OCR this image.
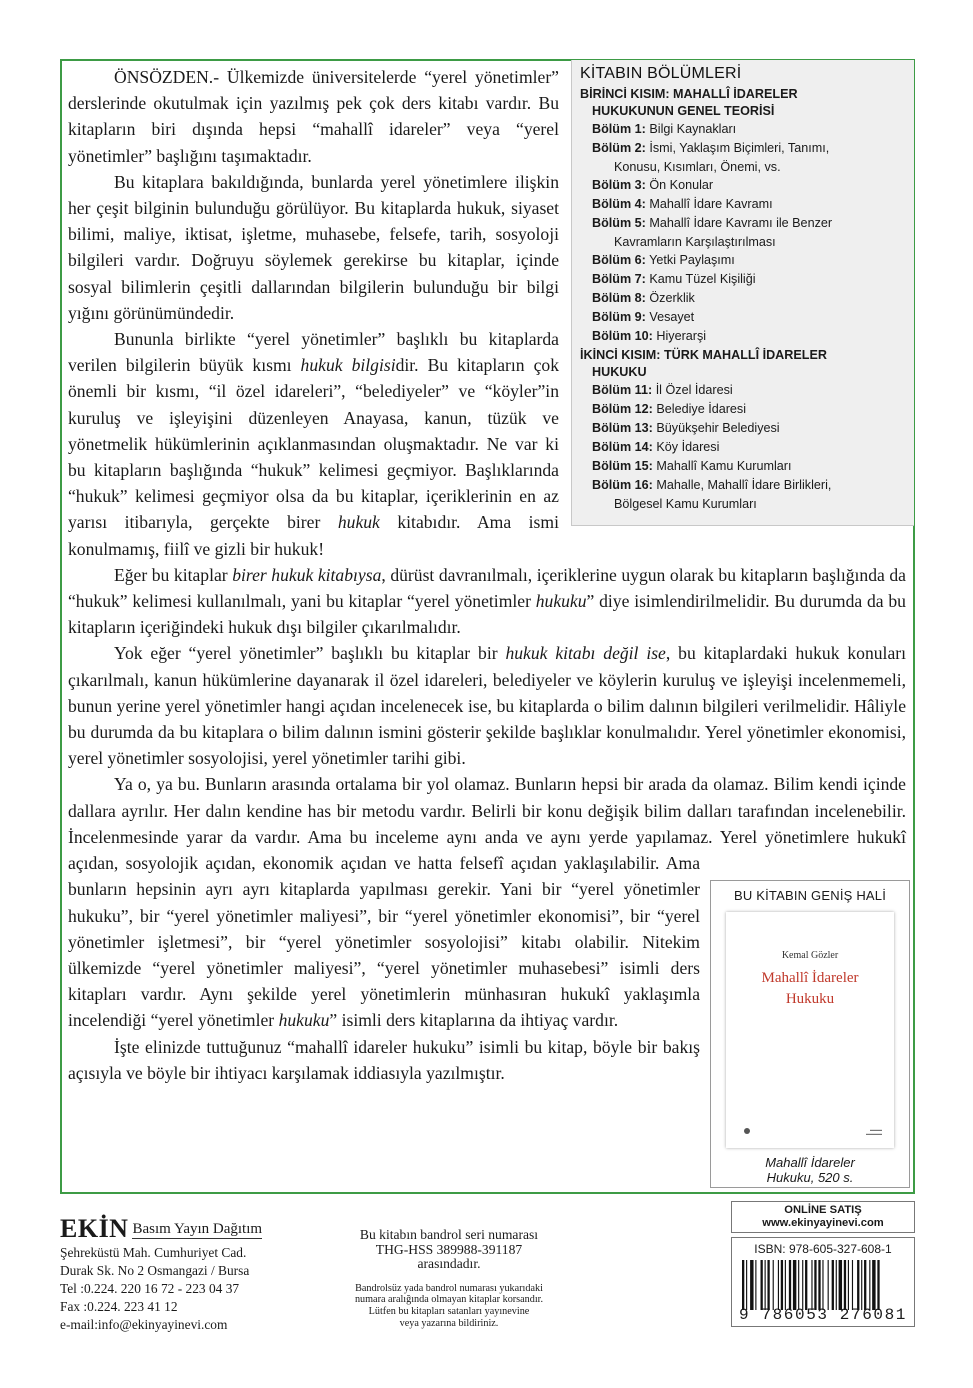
ÖNSÖZDEN.- Ülkemizde üniversitelerde “yerel yönetimler” derslerinde okutulmak için yazılmış pek çok ders kitabı vardır. Bu kitapların biri dışında hepsi “mahallî idareler” veya “yerel yönetimler” başlığını taşımaktadır.

Bu kitaplara bakıldığında, bunlarda yerel yönetimlere ilişkin her çeşit bilginin bulunduğu görülüyor. Bu kitaplarda hukuk, siyaset bilimi, maliye, iktisat, işletme, muhasebe, felsefe, tarih, sosyoloji bilgileri vardır. Doğruyu söylemek gerekirse bu kitaplar, içinde sosyal bilimlerin çeşitli dallarından bilgilerin bulunduğu bir bilgi yığını görünümündedir.

Bununla birlikte “yerel yönetimler” başlıklı bu kitaplarda verilen bilgilerin büyük kısmı hukuk bilgisidir. Bu kitapların çok önemli bir kısmı, “il özel idareleri”, “belediyeler” ve “köyler”in kuruluş ve işleyişini düzenleyen Anayasa, kanun, tüzük ve yönetmelik hükümlerinin açıklanmasından oluşmaktadır. Ne var ki bu kitapların başlığında “hukuk” kelimesi geçmiyor. Başlıklarında “hukuk” kelimesi geçmiyor olsa da bu kitaplar, içeriklerinin en az yarısı itibarıyla, gerçekte birer hukuk kitabıdır. Ama ismi konulmamış, fiilî ve gizli bir hukuk!

Eğer bu kitaplar birer hukuk kitabıysa, dürüst davranılmalı, içeriklerine uygun olarak bu kitapların başlığında da “hukuk” kelimesi kullanılmalı, yani bu kitaplar “yerel yönetimler hukuku” diye isimlendirilmelidir. Bu durumda da bu kitapların içeriğindeki hukuk dışı bilgiler çıkarılmalıdır.

Yok eğer “yerel yönetimler” başlıklı bu kitaplar bir hukuk kitabı değil ise, bu kitaplardaki hukuk konuları çıkarılmalı, kanun hükümlerine dayanarak il özel idareleri, belediyeler ve köylerin kuruluş ve işleyişi incelenmemeli, bunun yerine yerel yönetimler hangi açıdan incelenecek ise, bu kitaplarda o bilim dalının bilgileri verilmelidir. Hâliyle bu durumda da bu kitaplara o bilim dalının ismini gösterir şekilde başlıklar konulmalıdır. Yerel yönetimler ekonomisi, yerel yönetimler sosyolojisi, yerel yönetimler tarihi gibi.

Ya o, ya bu. Bunların arasında ortalama bir yol olamaz. Bunların hepsi bir arada da olamaz. Bilim kendi içinde dallara ayrılır. Her dalın kendine has bir metodu vardır. Belirli bir konu değişik bilim dalları tarafından incelenebilir. İncelenmesinde yarar da vardır. Ama bu inceleme aynı anda ve aynı yerde yapılamaz. Yerel yönetimlere hukukî açıdan, sosyolojik açıdan, ekonomik açıdan ve hatta felsefî açıdan yaklaşılabilir. Ama bunların hepsinin ayrı ayrı kitaplarda yapılması gerekir. Yani bir “yerel yönetimler hukuku”, bir “yerel yönetimler maliyesi”, bir “yerel yönetimler ekonomisi”, bir “yerel yönetimler işletmesi”, bir “yerel yönetimler sosyolojisi” kitabı olabilir. Nitekim ülkemizde “yerel yönetimler maliyesi”, “yerel yönetimler muhasebesi” isimli ders kitapları vardır. Aynı şekilde yerel yönetimlerin münhasıran hukukî yaklaşımla incelendiği “yerel yönetimler hukuku” isimli ders kitaplarına da ihtiyaç vardır.

İşte elinizde tuttuğunuz “mahallî idareler hukuku” isimli bu kitap, böyle bir bakış açısıyla ve böyle bir ihtiyacı karşılamak iddiasıyla yazılmıştır.

KİTABIN BÖLÜMLERİ
BİRİNCİ KISIM: MAHALLÎ İDARELER
HUKUKUNUN GENEL TEORİSİ
Bölüm 1: Bilgi Kaynakları
Bölüm 2: İsmi, Yaklaşım Biçimleri, Tanımı,
Konusu, Kısımları, Önemi, vs.
Bölüm 3: Ön Konular
Bölüm 4: Mahallî İdare Kavramı
Bölüm 5: Mahallî İdare Kavramı ile Benzer
Kavramların Karşılaştırılması
Bölüm 6: Yetki Paylaşımı
Bölüm 7: Kamu Tüzel Kişiliği
Bölüm 8: Özerklik
Bölüm 9: Vesayet
Bölüm 10: Hiyerarşi
İKİNCİ KISIM: TÜRK MAHALLÎ İDARELER
HUKUKU
Bölüm 11: İl Özel İdaresi
Bölüm 12: Belediye İdaresi
Bölüm 13: Büyükşehir Belediyesi
Bölüm 14: Köy İdaresi
Bölüm 15: Mahallî Kamu Kurumları
Bölüm 16: Mahalle, Mahallî İdare Birlikleri,
Bölgesel Kamu Kurumları
BU KİTABIN GENİŞ HALİ
Kemal Gözler
Mahallî İdareler
Hukuku
▬▬▬
▬▬▬▬
Mahallî İdareler
Hukuku, 520 s.
EKİN Basım Yayın Dağıtım
Şehreküstü Mah. Cumhuriyet Cad.
Durak Sk. No 2 Osmangazi / Bursa
Tel :0.224. 220 16 72 - 223 04 37
Fax :0.224. 223 41 12
e-mail:info@ekinyayinevi.com
Bu kitabın bandrol seri numarası
THG-HSS 389988-391187
arasındadır.
Bandrolsüz yada bandrol numarası yukarıdaki
numara aralığında olmayan kitaplar korsandır.
Lütfen bu kitapları satanları yayınevine
veya yazarına bildiriniz.
ONLİNE SATIŞ
www.ekinyayinevi.com
ISBN: 978-605-327-608-1
9 786053 276081
